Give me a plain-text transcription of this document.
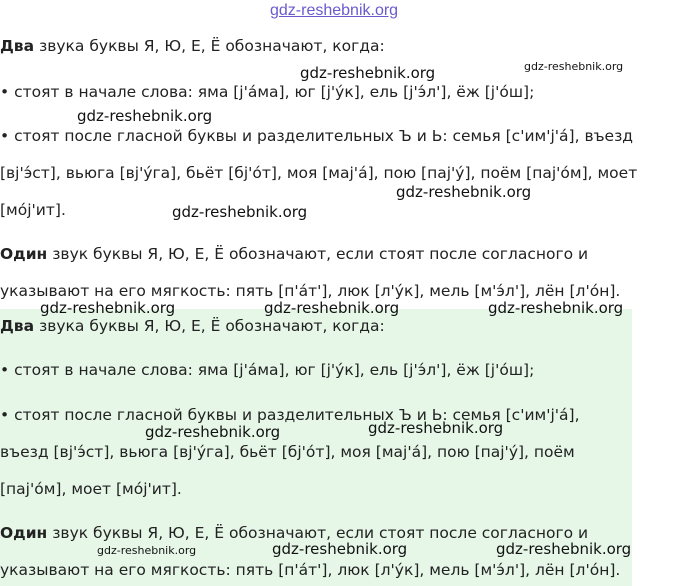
gdz-reshebnik.org
Два звука буквы Я, Ю, Е, Ё обозначают, когда:
• стоят в начале слова: яма [j'áма], юг [j'ýк], ель [j'э́л'], ёж [j'óш];
• стоят после гласной буквы и разделительных Ъ и Ь: семья [с'им'j'á], въезд
[вj'э́ст], вьюга [вj'ýга], бьёт [бj'óт], моя [маj'á], пою [паj'ý], поём [паj'óм], моет
[мój'ит].
Один звук буквы Я, Ю, Е, Ё обозначают, если стоят после согласного и
указывают на его мягкость: пять [п'áт'], люк [л'ýк], мель [м'э́л'], лён [л'óн].
Два звука буквы Я, Ю, Е, Ё обозначают, когда:
• стоят в начале слова: яма [j'áма], юг [j'ýк], ель [j'э́л'], ёж [j'óш];
• стоят после гласной буквы и разделительных Ъ и Ь: семья [с'им'j'á],
въезд [вj'э́ст], вьюга [вj'ýга], бьёт [бj'óт], моя [маj'á], пою [паj'ý], поём
[паj'óм], моет [мój'ит].
Один звук буквы Я, Ю, Е, Ё обозначают, если стоят после согласного и
указывают на его мягкость: пять [п'áт'], люк [л'ýк], мель [м'э́л'], лён [л'óн].
gdz-reshebnik.org	gdz-reshebnik.org
gdz-reshebnik.org
gdz-reshebnik.org
gdz-reshebnik.org
gdz-reshebnik.org	gdz-reshebnik.org	gdz-reshebnik.org
gdz-reshebnik.org	gdz-reshebnik.org
gdz-reshebnik.org	gdz-reshebnik.org	gdz-reshebnik.org
